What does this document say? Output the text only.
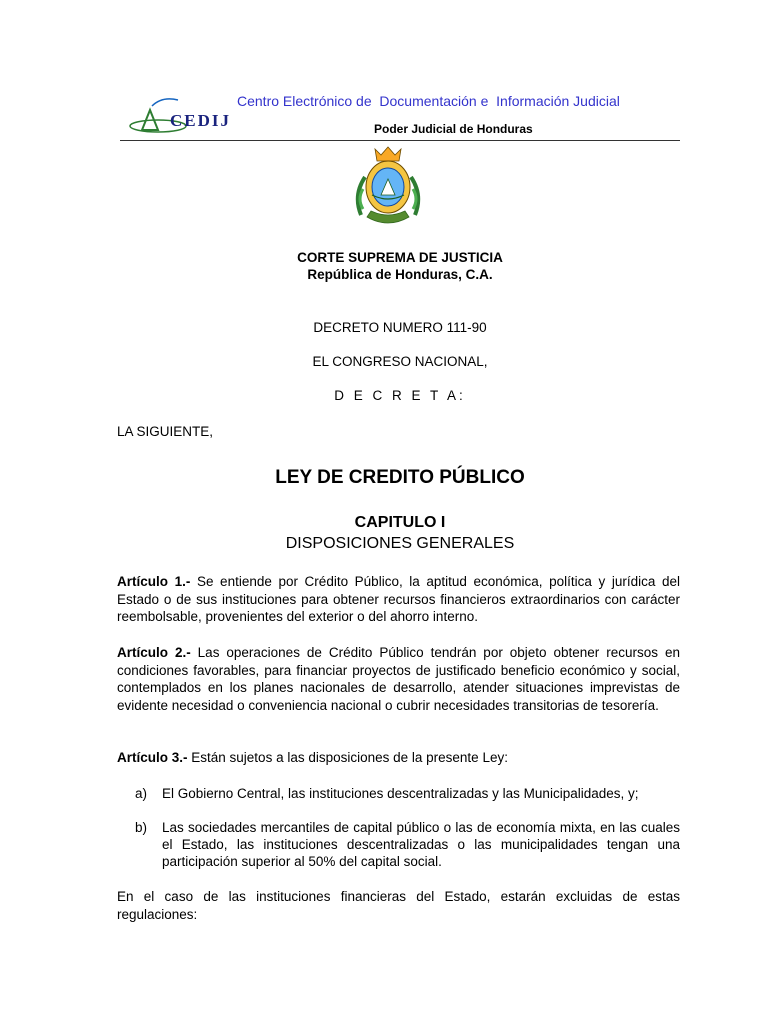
CEDIJ
Centro Electrónico de  Documentación e  Información Judicial
Poder Judicial de Honduras
CORTE SUPREMA DE JUSTICIA
República de Honduras, C.A.
DECRETO NUMERO 111-90
EL CONGRESO NACIONAL,
D E C R E T A:
LA SIGUIENTE,
LEY DE CREDITO PÚBLICO
CAPITULO I
DISPOSICIONES GENERALES
Artículo 1.- Se entiende por Crédito Público, la aptitud económica, política y jurídica del Estado o de sus instituciones para obtener recursos financieros extraordinarios con carácter reembolsable, provenientes del exterior o del ahorro interno.
Artículo 2.- Las operaciones de Crédito Público tendrán por objeto obtener recursos en condiciones favorables, para financiar proyectos de justificado beneficio económico y social, contemplados en los planes nacionales de desarrollo, atender situaciones imprevistas de evidente necesidad o conveniencia nacional o cubrir necesidades transitorias de tesorería.
Artículo 3.- Están sujetos a las disposiciones de la presente Ley:
a) El Gobierno Central, las instituciones descentralizadas y las Municipalidades, y;
b) Las sociedades mercantiles de capital público o las de economía mixta, en las cuales el Estado, las instituciones descentralizadas o las municipalidades tengan una participación superior al 50% del capital social.
En el caso de las instituciones financieras del Estado, estarán excluidas de estas regulaciones:
